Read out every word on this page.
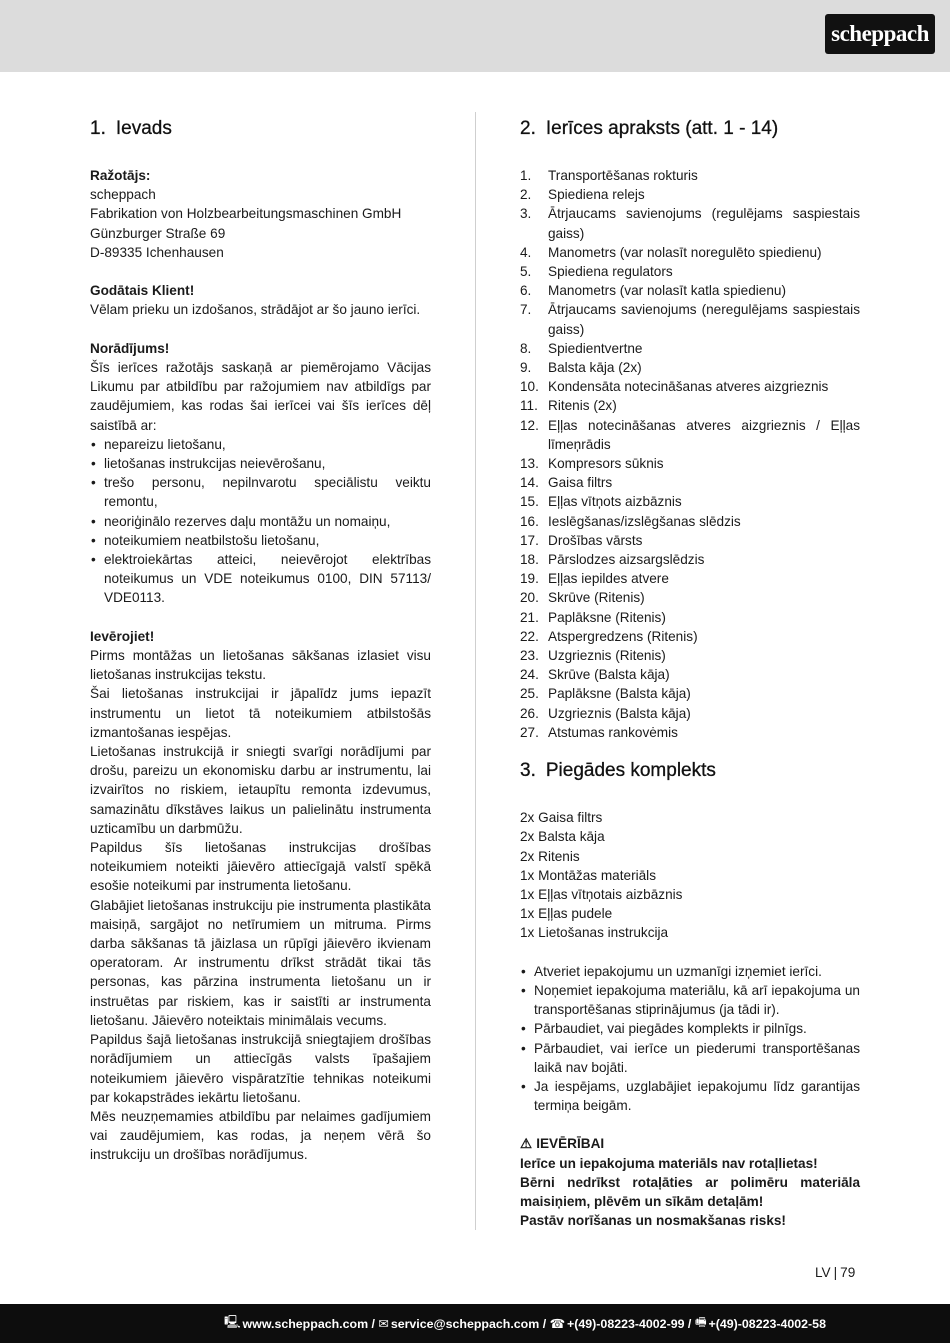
scheppach
1. Ievads
Ražotājs:
scheppach
Fabrikation von Holzbearbeitungsmaschinen GmbH
Günzburger Straße 69
D-89335 Ichenhausen
Godātais Klient!

Vēlam prieku un izdošanos, strādājot ar šo jauno ierīci.

Norādījums!

Šīs ierīces ražotājs saskaņā ar piemērojamo Vācijas Likumu par atbildību par ražojumiem nav atbildīgs par zaudējumiem, kas rodas šai ierīcei vai šīs ierīces dēļ saistībā ar:

• nepareizu lietošanu,
• lietošanas instrukcijas neievērošanu,
• trešo personu, nepilnvarotu speciālistu veiktu remontu,
• neoriģinālo rezerves daļu montāžu un nomaiņu,
• noteikumiem neatbilstošu lietošanu,
• elektroiekārtas atteici, neievērojot elektrības noteikumus un VDE noteikumus 0100, DIN 57113/ VDE0113.
Ievērojiet!

Pirms montāžas un lietošanas sākšanas izlasiet visu lietošanas instrukcijas tekstu.

Šai lietošanas instrukcijai ir jāpalīdz jums iepazīt instrumentu un lietot tā noteikumiem atbilstošās izmantošanas iespējas.

Lietošanas instrukcijā ir sniegti svarīgi norādījumi par drošu, pareizu un ekonomisku darbu ar instrumentu, lai izvairītos no riskiem, ietaupītu remonta izdevumus, samazinātu dīkstāves laikus un palielinātu instrumenta uzticamību un darbmūžu.

Papildus šīs lietošanas instrukcijas drošības noteikumiem noteikti jāievēro attiecīgajā valstī spēkā esošie noteikumi par instrumenta lietošanu.

Glabājiet lietošanas instrukciju pie instrumenta plastikāta maisiņā, sargājot no netīrumiem un mitruma. Pirms darba sākšanas tā jāizlasa un rūpīgi jāievēro ikvienam operatoram. Ar instrumentu drīkst strādāt tikai tās personas, kas pārzina instrumenta lietošanu un ir instruētas par riskiem, kas ir saistīti ar instrumenta lietošanu. Jāievēro noteiktais minimālais vecums.

Papildus šajā lietošanas instrukcijā sniegtajiem drošības norādījumiem un attiecīgās valsts īpašajiem noteikumiem jāievēro vispāratzītie tehnikas noteikumi par kokapstrādes iekārtu lietošanu.

Mēs neuzņemamies atbildību par nelaimes gadījumiem vai zaudējumiem, kas rodas, ja neņem vērā šo instrukciju un drošības norādījumus.

2. Ierīces apraksts (att. 1 - 14)
1. Transportēšanas rokturis
2. Spiediena relejs
3. Ātrjaucams savienojums (regulējams saspiestais gaiss)
4. Manometrs (var nolasīt noregulēto spiedienu)
5. Spiediena regulators
6. Manometrs (var nolasīt katla spiedienu)
7. Ātrjaucams savienojums (neregulējams saspiestais gaiss)
8. Spiedientvertne
9. Balsta kāja (2x)
10. Kondensāta notecināšanas atveres aizgrieznis
11. Ritenis (2x)
12. Eļļas notecināšanas atveres aizgrieznis / Eļļas līmeņrādis
13. Kompresors sūknis
14. Gaisa filtrs
15. Eļļas vītņots aizbāznis
16. Ieslēgšanas/izslēgšanas slēdzis
17. Drošības vārsts
18. Pārslodzes aizsargslēdzis
19. Eļļas iepildes atvere
20. Skrūve (Ritenis)
21. Paplāksne (Ritenis)
22. Atspergredzens (Ritenis)
23. Uzgrieznis (Ritenis)
24. Skrūve (Balsta kāja)
25. Paplāksne (Balsta kāja)
26. Uzgrieznis (Balsta kāja)
27. Atstumas rankovėmis
3. Piegādes komplekts
2x Gaisa filtrs
2x Balsta kāja
2x Ritenis
1x Montāžas materiāls
1x Eļļas vītņotais aizbāznis
1x Eļļas pudele
1x Lietošanas instrukcija
• Atveriet iepakojumu un uzmanīgi izņemiet ierīci.
• Noņemiet iepakojuma materiālu, kā arī iepakojuma un transportēšanas stiprinājumus (ja tādi ir).
• Pārbaudiet, vai piegādes komplekts ir pilnīgs.
• Pārbaudiet, vai ierīce un piederumi transportēšanas laikā nav bojāti.
• Ja iespējams, uzglabājiet iepakojumu līdz garantijas termiņa beigām.
⚠ IEVĒRĪBAI
Ierīce un iepakojuma materiāls nav rotaļlietas!
Bērni nedrīkst rotaļāties ar polimēru materiāla maisiņiem, plēvēm un sīkām detaļām!
Pastāv norīšanas un nosmakšanas risks!
LV | 79
🖳 www.scheppach.com / ✉ service@scheppach.com / ☎ +(49)-08223-4002-99 / 🖷 +(49)-08223-4002-58
